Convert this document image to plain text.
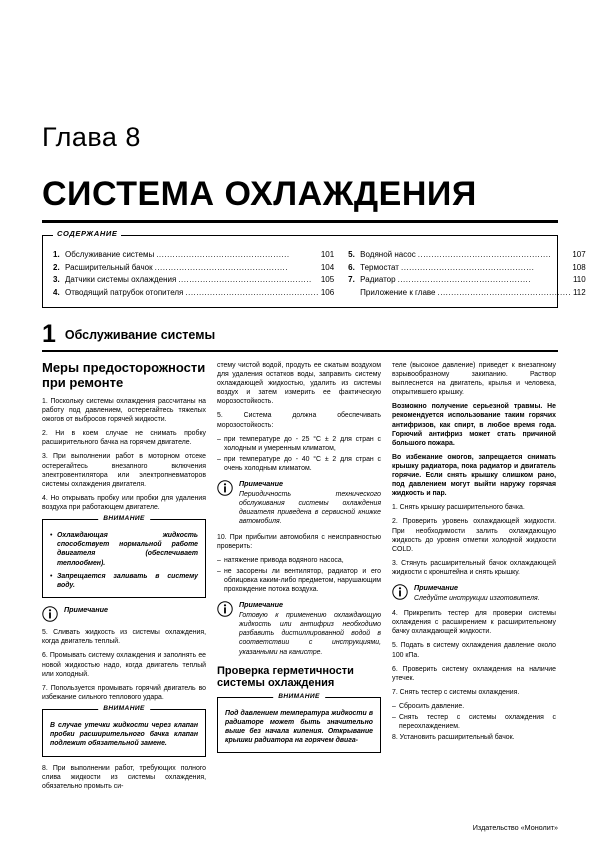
Глава 8
СИСТЕМА ОХЛАЖДЕНИЯ
СОДЕРЖАНИЕ
1. Обслуживание системы .................................................	101
2. Расширительный бачок .................................................	104
3. Датчики системы охлаждения .................................................	105
4. Отводящий патрубок отопителя ................................................. 106
5. Водяной насос .................................................	107
6. Термостат .................................................	108
7. Радиатор .................................................	110
Приложение к главе ................................................. 112
1 Обслуживание системы
Меры предосторожности при ремонте

1. Поскольку системы охлаждения рассчитаны на работу под давлением, остерегайтесь тяжелых ожогов от выбросов горячей жидкости.

2. Ни в коем случае не снимать пробку расширительного бачка на горячем двигателе.

3. При выполнении работ в моторном отсеке остерегайтесь внезапного включения электровентилятора или электропневматоров системы охлаждения двигателя.

4. Но открывать пробку или пробки для удаления воздуха при работающем двигателе.

ВНИМАНИЕ
• Охлаждающая жидкость способствует нормальной работе двигателя (обеспечивает теплообмен).
• Запрещается заливать в систему воду.

Примечание

5. Сливать жидкость из системы охлаждения, когда двигатель теплый.

6. Промывать систему охлаждения и заполнять ее новой жидкостью надо, когда двигатель теплый или холодный.

7. Попользуется промывать горячий двигатель во избежание сильного теплового удара.

ВНИМАНИЕ

В случае утечки жидкости через клапан пробки расширительного бачка клапан подлежит обязательной замене.

8. При выполнении работ, требующих полного слива жидкости из системы охлаждения, обязательно промыть си-

стему чистой водой, продуть ее сжатым воздухом для удаления остатков воды, заправить систему охлаждающей жидкостью, удалить из системы воздух и затем измерить ее фактическую морозостойкость.

5. Система должна обеспечивать морозостойкость:

– при температуре до - 25 °С ± 2 для стран с холодным и умеренным климатом,
– при температуре до - 40 °С ± 2 для стран с очень холодным климатом.

Примечание

Периодичность технического обслуживания системы охлаждения двигателя приведена в сервисной книжке автомобиля.

10. При прибытии автомобиля с неисправностью проверить:

– натяжение привода водяного насоса,
– не засорены ли вентилятор, радиатор и его облицовка каким-либо предметом, нарушающим прохождение потока воздуха.

Примечание

Готовую к применению охлаждающую жидкость или антифриз необходимо разбавить дистиллированной водой в соответствии с инструкциями, указанными на канистре.

Проверка герметичности системы охлаждения
ВНИМАНИЕ

Под давлением температура жидкости в радиаторе может быть значительно выше без начала кипения. Открывание крышки радиатора на горячем двига-

теле (высокое давление) приведет к внезапному взрывообразному закипанию. Раствор выплеснется на двигатель, крылья и человека, открытившего крышку.

Возможно получение серьезной травмы. Не рекомендуется использование таким горячих антифризов, как спирт, в любое время года. Горючий антифриз может стать причиной большого пожара.

Во избежание ожогов, запрещается снимать крышку радиатора, пока радиатор и двигатель горячие. Если снять крышку слишком рано, под давлением могут выйти наружу горячая жидкость и пар.

1. Снять крышку расширительного бачка.

2. Проверить уровень охлаждающей жидкости. При необходимости залить охлаждающую жидкость до уровня отметки холодной жидкости COLD.

3. Стянуть расширительный бачок охлаждающей жидкости с кронштейна и снять крышку.

Примечание

Следуйте инструкции изготовителя.

4. Прикрепить тестер для проверки системы охлаждения с расширением к расширительному бачку охлаждающей жидкости.

5. Подать в систему охлаждения давление около 100 кПа.

6. Проверить систему охлаждения на наличие утечек.

7. Снять тестер с системы охлаждения.

– Сбросить давление.
– Снять тестер с системы охлаждения с переохлаждением.

8. Установить расширительный бачок.

Издательство «Монолит»
